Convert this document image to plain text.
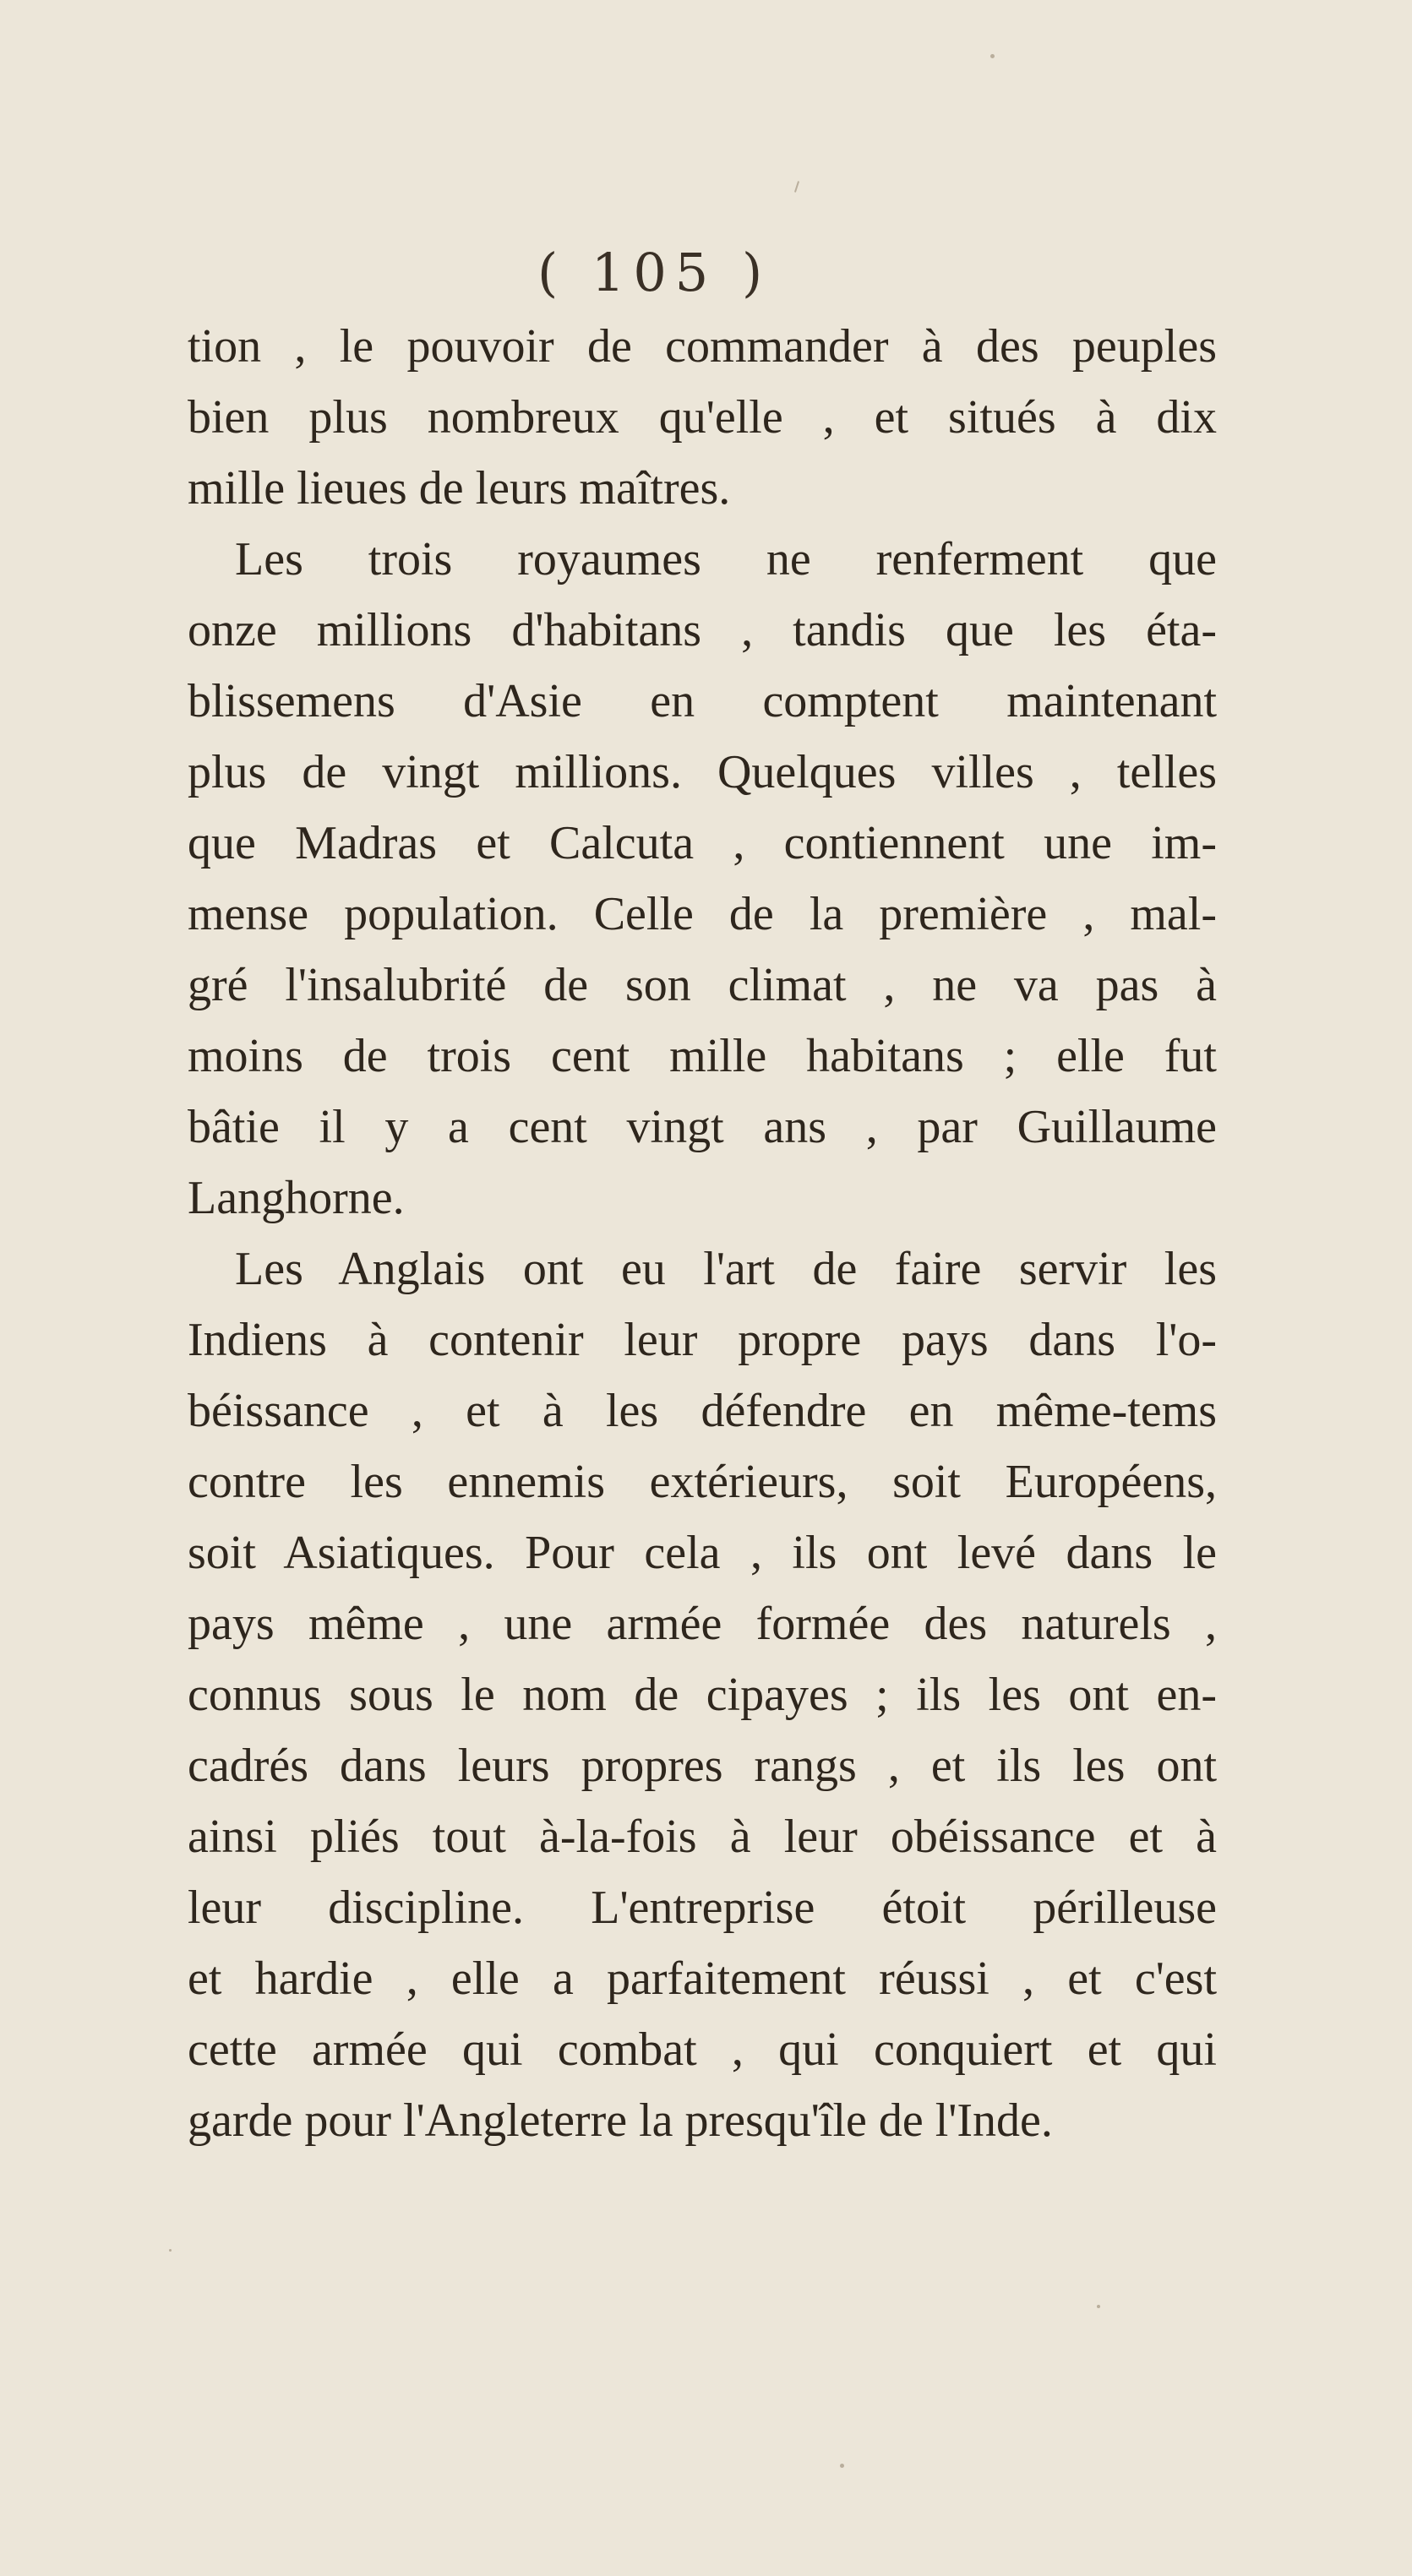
( 105 )

tion , le pouvoir de commander à des peuples
bien plus nombreux qu'elle , et situés à dix
mille lieues de leurs maîtres.
Les trois royaumes ne renferment que
onze millions d'habitans , tandis que les éta-
blissemens d'Asie en comptent maintenant
plus de vingt millions. Quelques villes , telles
que Madras et Calcuta , contiennent une im-
mense population. Celle de la première , mal-
gré l'insalubrité de son climat , ne va pas à
moins de trois cent mille habitans ; elle fut
bâtie il y a cent vingt ans , par Guillaume
Langhorne.
Les Anglais ont eu l'art de faire servir les
Indiens à contenir leur propre pays dans l'o-
béissance , et à les défendre en même-tems
contre les ennemis extérieurs, soit Européens,
soit Asiatiques. Pour cela , ils ont levé dans le
pays même , une armée formée des naturels ,
connus sous le nom de cipayes ; ils les ont en-
cadrés dans leurs propres rangs , et ils les ont
ainsi pliés tout à-la-fois à leur obéissance et à
leur discipline. L'entreprise étoit périlleuse
et hardie , elle a parfaitement réussi , et c'est
cette armée qui combat , qui conquiert et qui
garde pour l'Angleterre la presqu'île de l'Inde.
